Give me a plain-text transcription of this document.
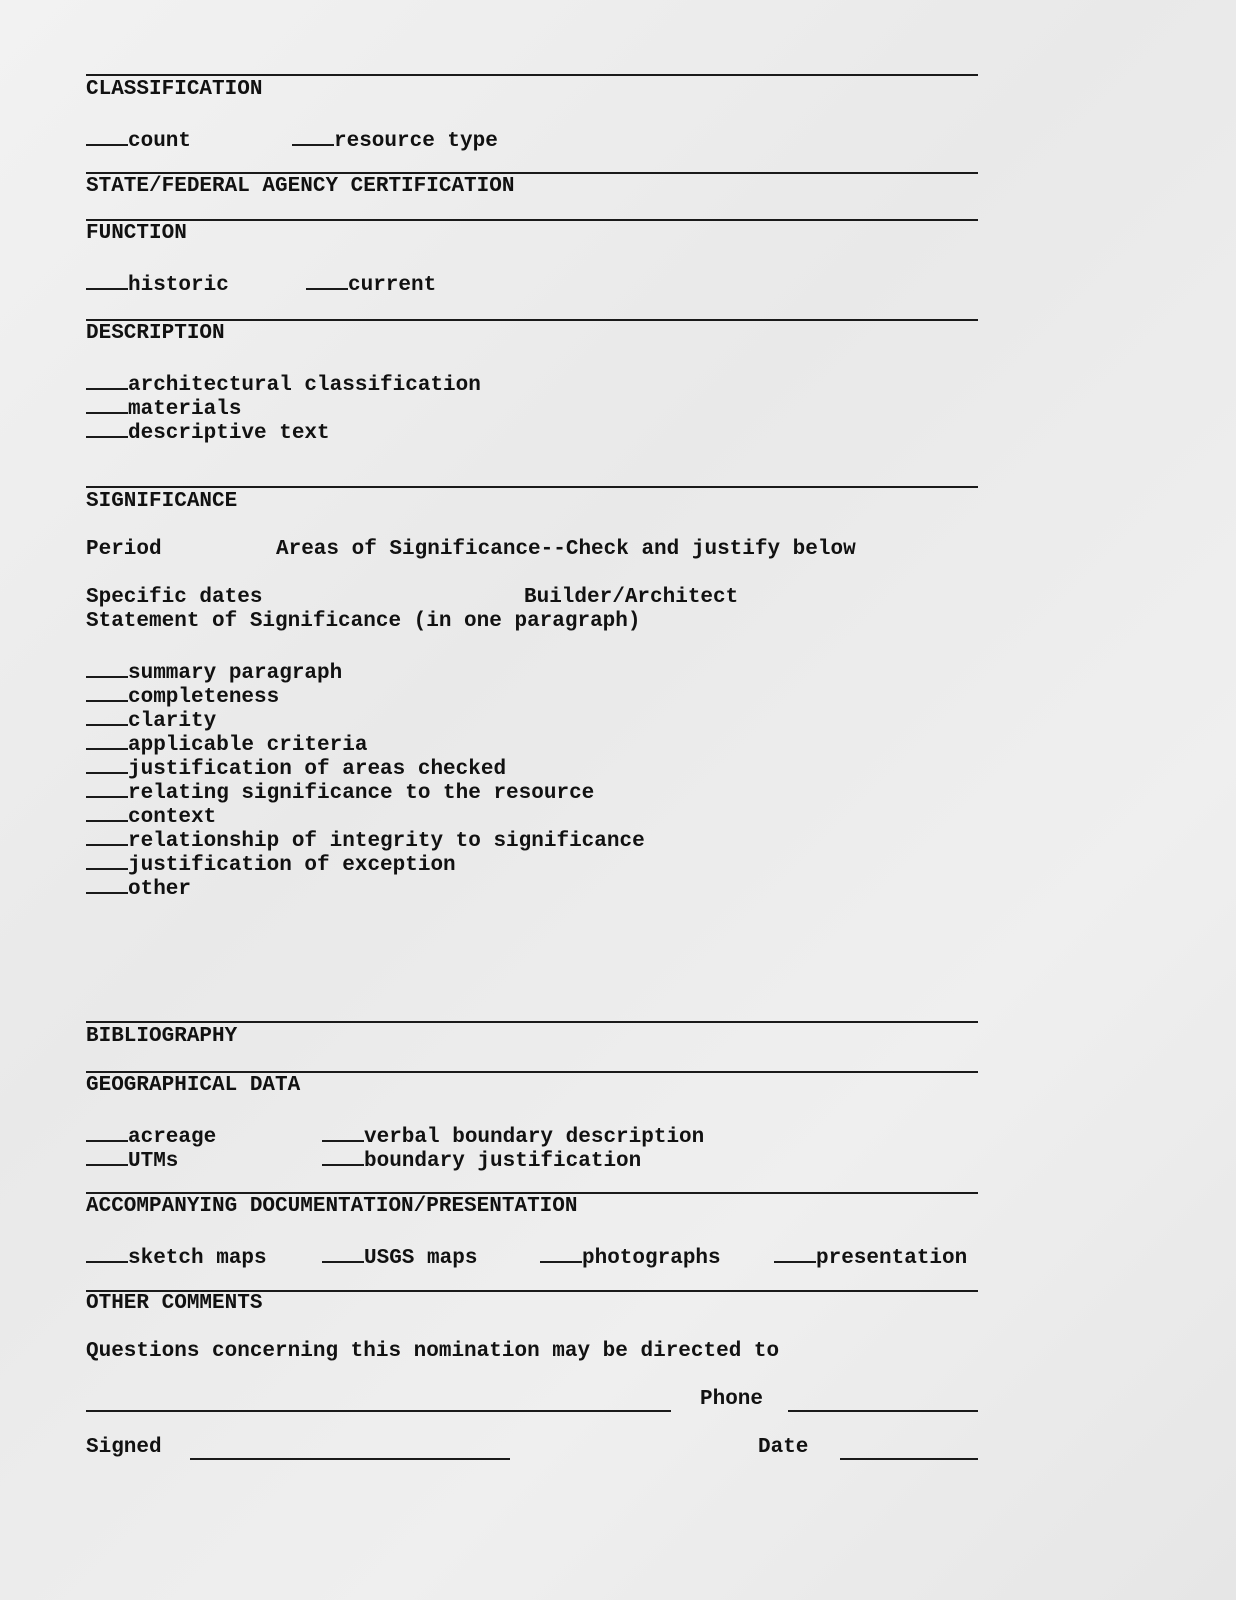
CLASSIFICATION
count	resource type
STATE/FEDERAL AGENCY CERTIFICATION
FUNCTION
historic	current
DESCRIPTION
architectural classification
materials
descriptive text
SIGNIFICANCE
Period	Areas of Significance--Check and justify below
Specific dates	Builder/Architect
Statement of Significance (in one paragraph)
summary paragraph
completeness
clarity
applicable criteria
justification of areas checked
relating significance to the resource
context
relationship of integrity to significance
justification of exception
other
BIBLIOGRAPHY
GEOGRAPHICAL DATA
acreage	verbal boundary description
UTMs	boundary justification
ACCOMPANYING DOCUMENTATION/PRESENTATION
sketch maps	USGS maps	photographs	presentation
OTHER COMMENTS
Questions concerning this nomination may be directed to
Phone
Signed	Date
